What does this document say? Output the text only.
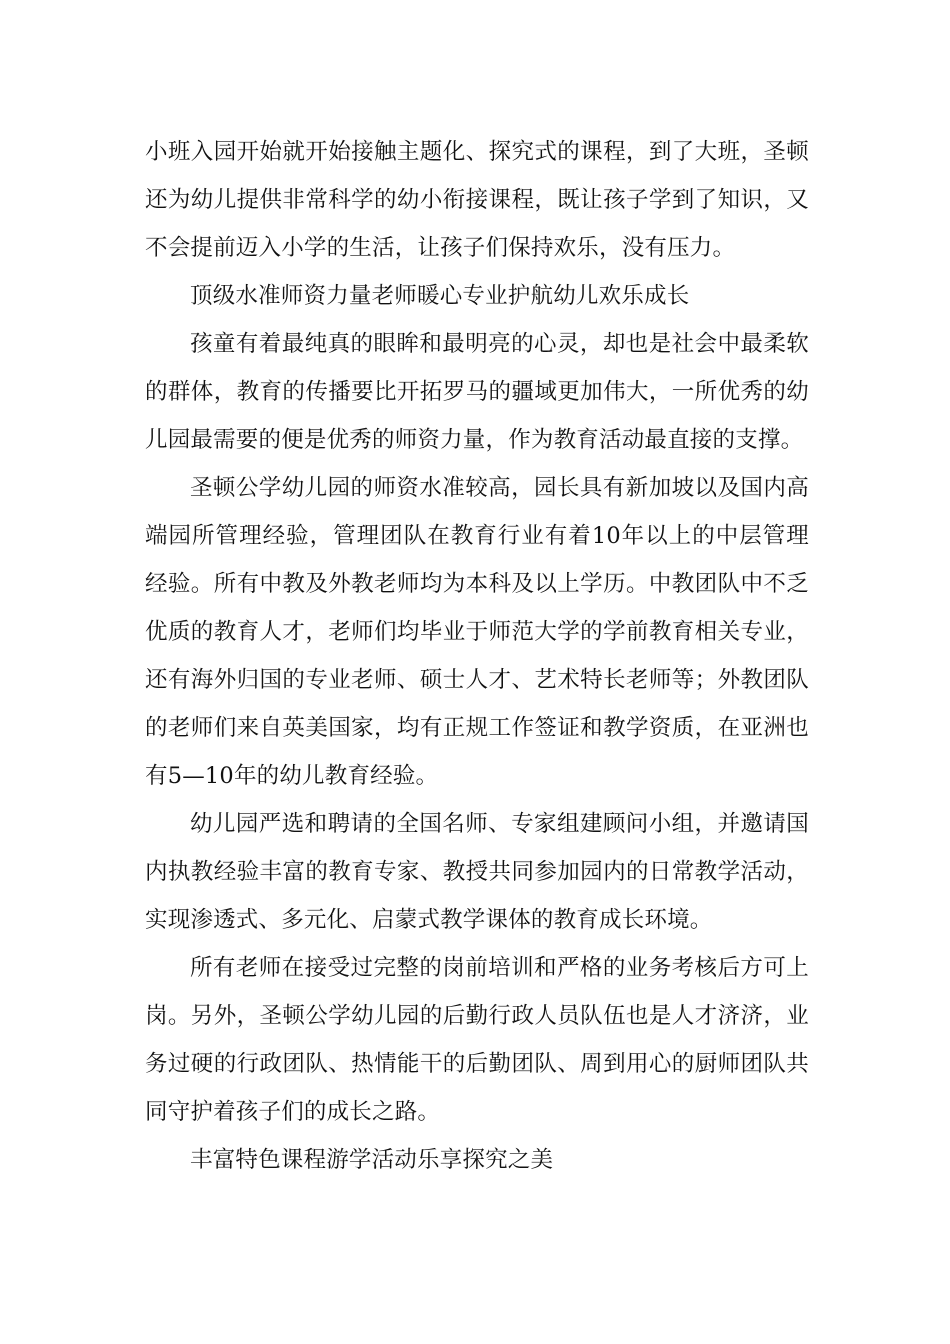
小班入园开始就开始接触主题化、探究式的课程，到了大班，圣顿还为幼儿提供非常科学的幼小衔接课程，既让孩子学到了知识，又不会提前迈入小学的生活，让孩子们保持欢乐，没有压力。

顶级水准师资力量老师暖心专业护航幼儿欢乐成长

孩童有着最纯真的眼眸和最明亮的心灵，却也是社会中最柔软的群体，教育的传播要比开拓罗马的疆域更加伟大，一所优秀的幼儿园最需要的便是优秀的师资力量，作为教育活动最直接的支撑。

圣顿公学幼儿园的师资水准较高，园长具有新加坡以及国内高端园所管理经验，管理团队在教育行业有着10年以上的中层管理经验。所有中教及外教老师均为本科及以上学历。中教团队中不乏优质的教育人才，老师们均毕业于师范大学的学前教育相关专业，还有海外归国的专业老师、硕士人才、艺术特长老师等；外教团队的老师们来自英美国家，均有正规工作签证和教学资质，在亚洲也有5—10年的幼儿教育经验。

幼儿园严选和聘请的全国名师、专家组建顾问小组，并邀请国内执教经验丰富的教育专家、教授共同参加园内的日常教学活动，实现渗透式、多元化、启蒙式教学课体的教育成长环境。

所有老师在接受过完整的岗前培训和严格的业务考核后方可上岗。另外，圣顿公学幼儿园的后勤行政人员队伍也是人才济济，业务过硬的行政团队、热情能干的后勤团队、周到用心的厨师团队共同守护着孩子们的成长之路。

丰富特色课程游学活动乐享探究之美
